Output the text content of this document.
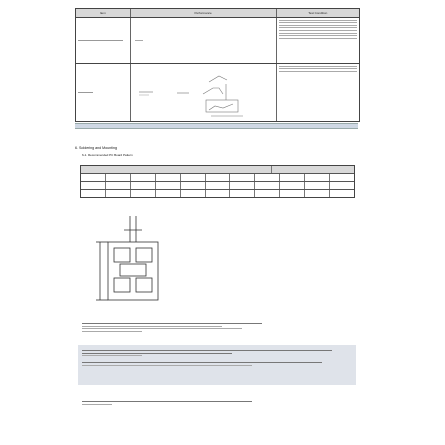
Item	Performance	Test Condition
6. Soldering and Mounting
6-1. Recommended PC Board Pattern
